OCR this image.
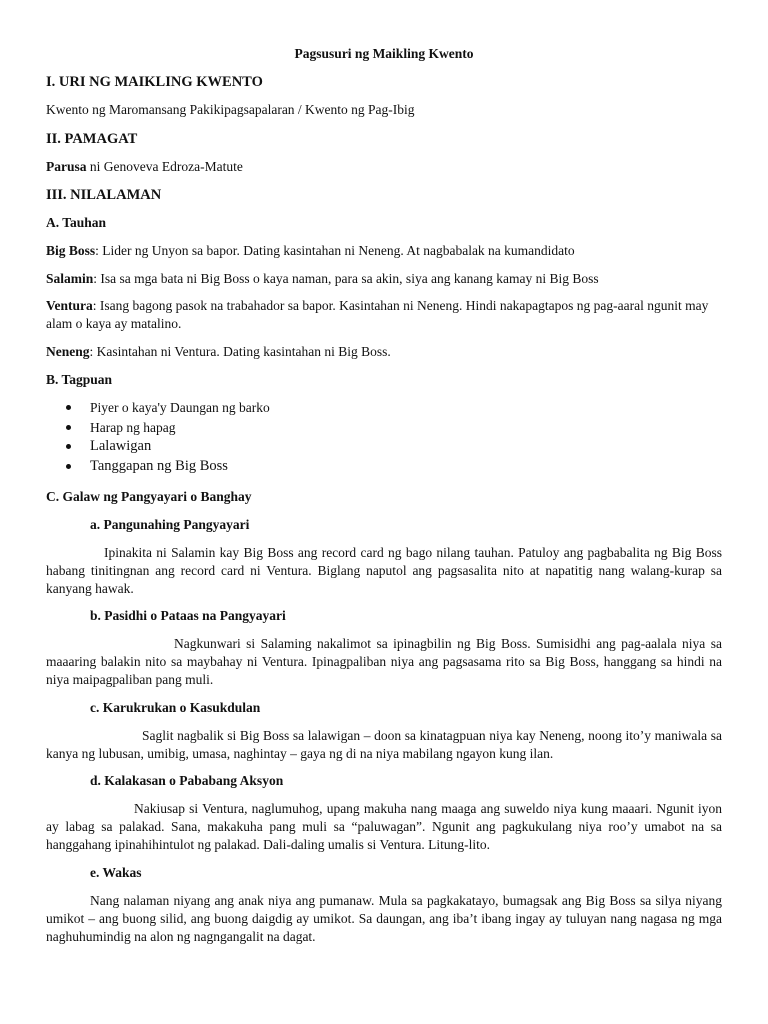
Pagsusuri ng Maikling Kwento

I. URI NG MAIKLING KWENTO

Kwento ng Maromansang Pakikipagsapalaran / Kwento ng Pag-Ibig

II. PAMAGAT

Parusa ni Genoveva Edroza-Matute

III. NILALAMAN

A. Tauhan

Big Boss: Lider ng Unyon sa bapor. Dating kasintahan ni Neneng. At nagbabalak na kumandidato

Salamin: Isa sa mga bata ni Big Boss o kaya naman, para sa akin, siya ang kanang kamay ni Big Boss

Ventura: Isang bagong pasok na trabahador sa bapor. Kasintahan ni Neneng. Hindi nakapagtapos ng pag-aaral ngunit may alam o kaya ay matalino.

Neneng: Kasintahan ni Ventura. Dating kasintahan ni Big Boss.

B. Tagpuan

Piyer o kaya'y Daungan ng barko
Harap ng hapag
Lalawigan
Tanggapan ng Big Boss

C. Galaw ng Pangyayari o Banghay

a. Pangunahing Pangyayari

Ipinakita ni Salamin kay Big Boss ang record card ng bago nilang tauhan. Patuloy ang pagbabalita ng Big Boss habang tinitingnan ang record card ni Ventura. Biglang naputol ang pagsasalita nito at napatitig nang walang-kurap sa kanyang hawak.

b. Pasidhi o Pataas na Pangyayari

Nagkunwari si Salaming nakalimot sa ipinagbilin ng Big Boss. Sumisidhi ang pag-aalala niya sa maaaring balakin nito sa maybahay ni Ventura. Ipinagpaliban niya ang pagsasama rito sa Big Boss, hanggang sa hindi na niya maipagpaliban pang muli.

c. Karukrukan o Kasukdulan

Saglit nagbalik si Big Boss sa lalawigan – doon sa kinatagpuan niya kay Neneng, noong ito’y maniwala sa kanya ng lubusan, umibig, umasa, naghintay – gaya ng di na niya mabilang ngayon kung ilan.

d. Kalakasan o Pababang Aksyon

Nakiusap si Ventura, naglumuhog, upang makuha nang maaga ang suweldo niya kung maaari. Ngunit iyon ay labag sa palakad. Sana, makakuha pang muli sa “paluwagan”. Ngunit ang pagkukulang niya roo’y umabot na sa hanggahang ipinahihintulot ng palakad. Dali-daling umalis si Ventura. Litung-lito.

e. Wakas

Nang nalaman niyang ang anak niya ang pumanaw. Mula sa pagkakatayo, bumagsak ang Big Boss sa silya niyang umikot – ang buong silid, ang buong daigdig ay umikot. Sa daungan, ang iba’t ibang ingay ay tuluyan nang nagasa ng mga naghuhumindig na alon ng nagngangalit na dagat.
